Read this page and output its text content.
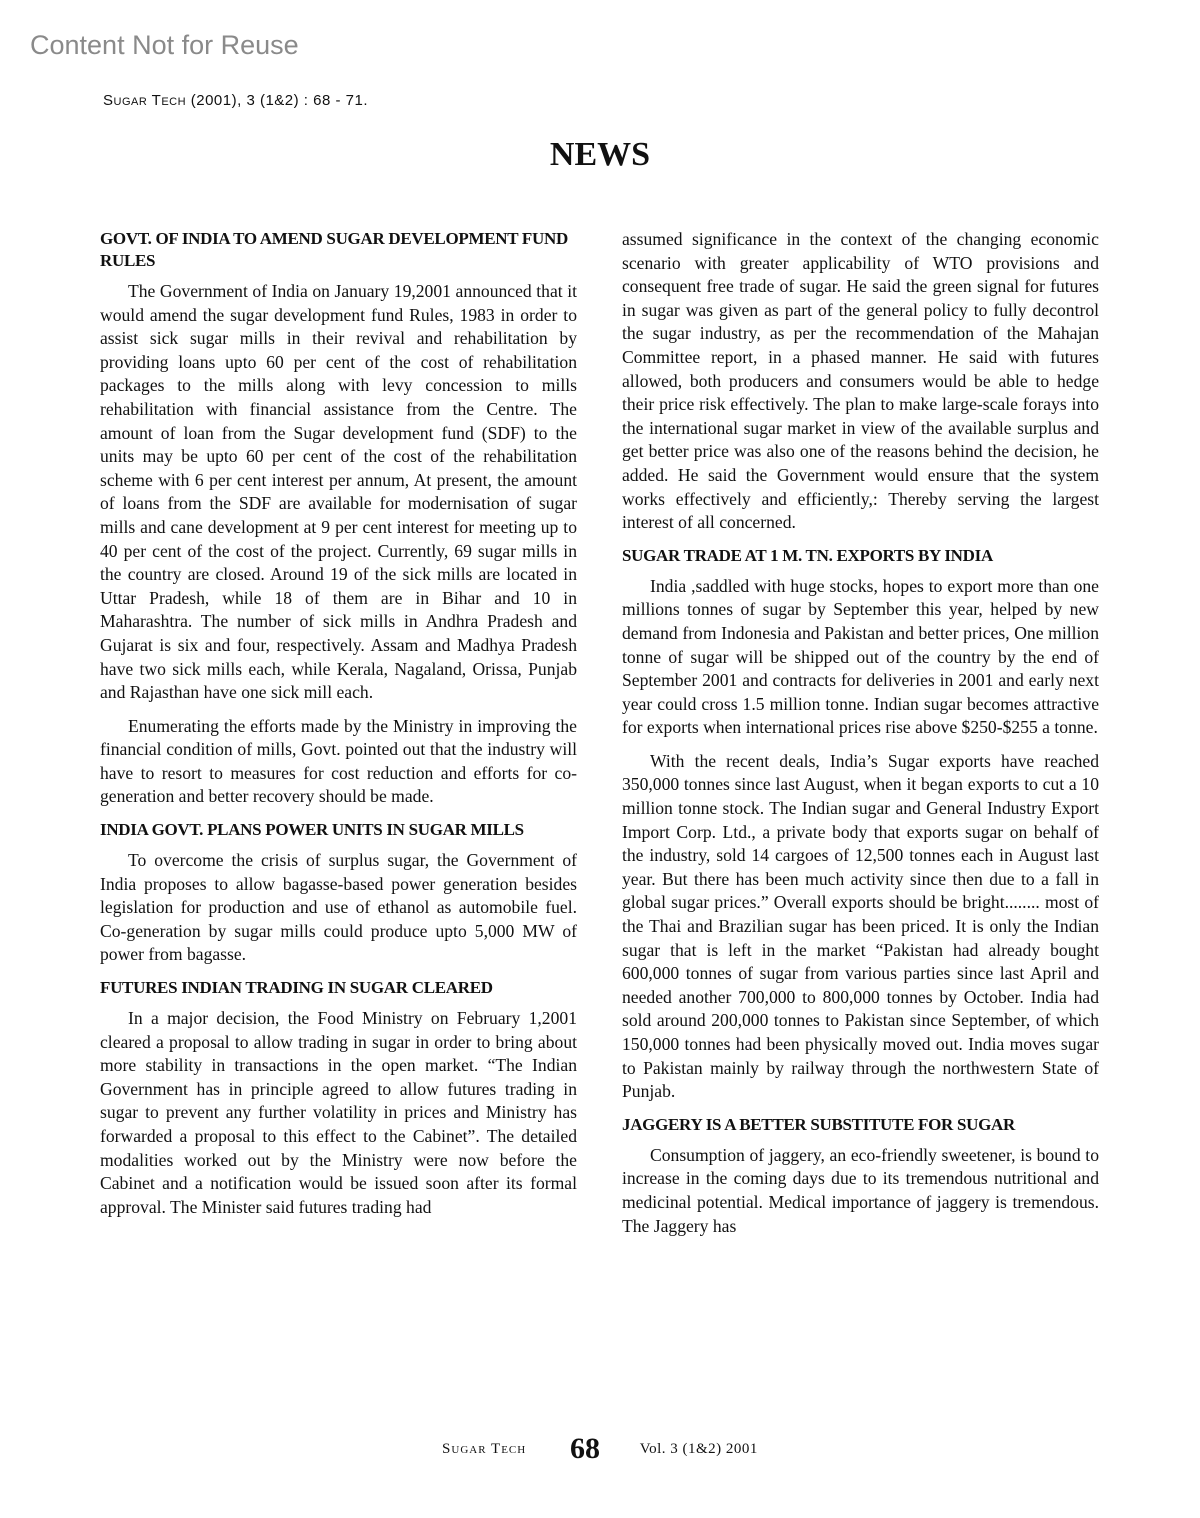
Content Not for Reuse
Sugar Tech (2001), 3 (1&2) : 68 - 71.
NEWS
GOVT. OF INDIA TO AMEND SUGAR DEVELOPMENT FUND RULES

The Government of India on January 19,2001 announced that it would amend the sugar development fund Rules, 1983 in order to assist sick sugar mills in their revival and rehabilitation by providing loans upto 60 per cent of the cost of rehabilitation packages to the mills along with levy concession to mills rehabilitation with financial assistance from the Centre. The amount of loan from the Sugar development fund (SDF) to the units may be upto 60 per cent of the cost of the rehabilitation scheme with 6 per cent interest per annum, At present, the amount of loans from the SDF are available for modernisation of sugar mills and cane development at 9 per cent interest for meeting up to 40 per cent of the cost of the project. Currently, 69 sugar mills in the country are closed. Around 19 of the sick mills are located in Uttar Pradesh, while 18 of them are in Bihar and 10 in Maharashtra. The number of sick mills in Andhra Pradesh and Gujarat is six and four, respectively. Assam and Madhya Pradesh have two sick mills each, while Kerala, Nagaland, Orissa, Punjab and Rajasthan have one sick mill each.

Enumerating the efforts made by the Ministry in improving the financial condition of mills, Govt. pointed out that the industry will have to resort to measures for cost reduction and efforts for co-generation and better recovery should be made.

INDIA GOVT. PLANS POWER UNITS IN SUGAR MILLS

To overcome the crisis of surplus sugar, the Government of India proposes to allow bagasse-based power generation besides legislation for production and use of ethanol as automobile fuel. Co-generation by sugar mills could produce upto 5,000 MW of power from bagasse.

FUTURES INDIAN TRADING IN SUGAR CLEARED

In a major decision, the Food Ministry on February 1,2001 cleared a proposal to allow trading in sugar in order to bring about more stability in transactions in the open market. “The Indian Government has in principle agreed to allow futures trading in sugar to prevent any further volatility in prices and Ministry has forwarded a proposal to this effect to the Cabinet”. The detailed modalities worked out by the Ministry were now before the Cabinet and a notification would be issued soon after its formal approval. The Minister said futures trading had

assumed significance in the context of the changing economic scenario with greater applicability of WTO provisions and consequent free trade of sugar. He said the green signal for futures in sugar was given as part of the general policy to fully decontrol the sugar industry, as per the recommendation of the Mahajan Committee report, in a phased manner. He said with futures allowed, both producers and consumers would be able to hedge their price risk effectively. The plan to make large-scale forays into the international sugar market in view of the available surplus and get better price was also one of the reasons behind the decision, he added. He said the Government would ensure that the system works effectively and efficiently,: Thereby serving the largest interest of all concerned.

SUGAR TRADE AT 1 M. TN. EXPORTS BY INDIA

India ,saddled with huge stocks, hopes to export more than one millions tonnes of sugar by September this year, helped by new demand from Indonesia and Pakistan and better prices, One million tonne of sugar will be shipped out of the country by the end of September 2001 and contracts for deliveries in 2001 and early next year could cross 1.5 million tonne. Indian sugar becomes attractive for exports when international prices rise above $250-$255 a tonne.

With the recent deals, India’s Sugar exports have reached 350,000 tonnes since last August, when it began exports to cut a 10 million tonne stock. The Indian sugar and General Industry Export Import Corp. Ltd., a private body that exports sugar on behalf of the industry, sold 14 cargoes of 12,500 tonnes each in August last year. But there has been much activity since then due to a fall in global sugar prices.” Overall exports should be bright........ most of the Thai and Brazilian sugar has been priced. It is only the Indian sugar that is left in the market “Pakistan had already bought 600,000 tonnes of sugar from various parties since last April and needed another 700,000 to 800,000 tonnes by October. India had sold around 200,000 tonnes to Pakistan since September, of which 150,000 tonnes had been physically moved out. India moves sugar to Pakistan mainly by railway through the northwestern State of Punjab.

JAGGERY IS A BETTER SUBSTITUTE FOR SUGAR

Consumption of jaggery, an eco-friendly sweetener, is bound to increase in the coming days due to its tremendous nutritional and medicinal potential. Medical importance of jaggery is tremendous. The Jaggery has

Sugar Tech 68	Vol. 3 (1&2) 2001
